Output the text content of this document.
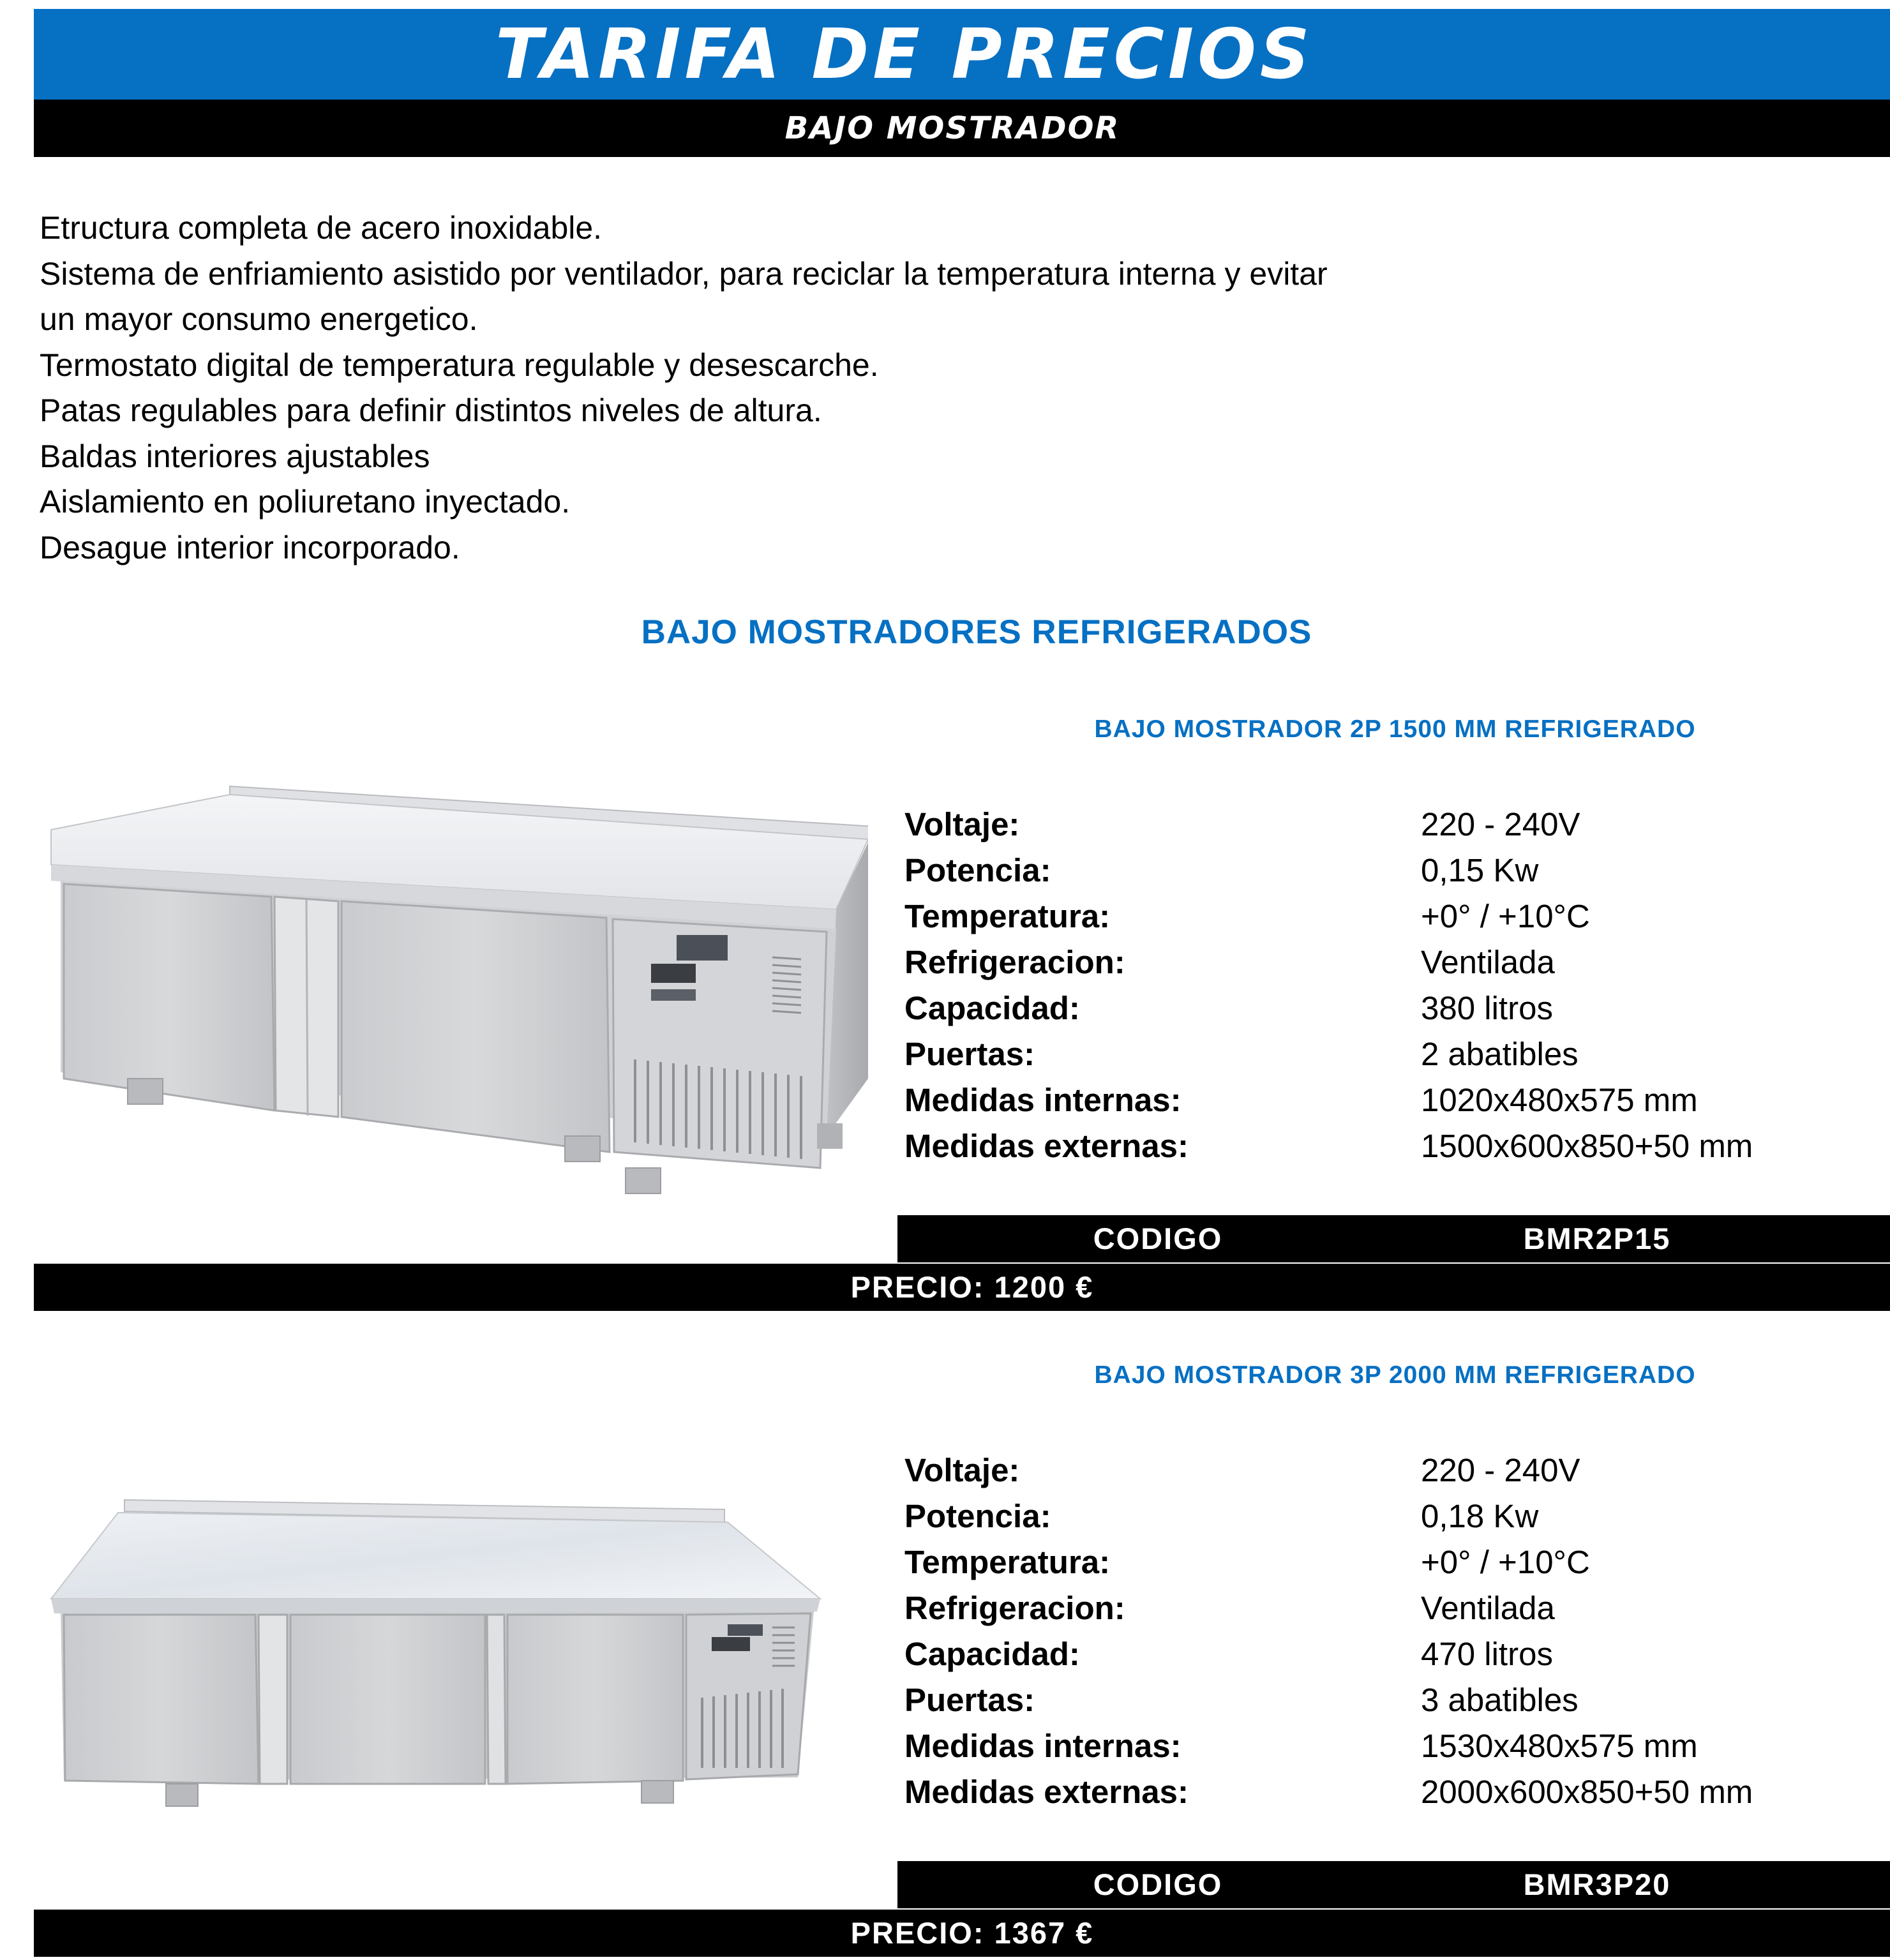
TARIFA DE PRECIOS
BAJO MOSTRADOR
Etructura completa de acero inoxidable.
Sistema de enfriamiento asistido por ventilador, para reciclar la temperatura interna y evitar
un mayor consumo energetico.
Termostato digital de temperatura regulable y desescarche.
Patas regulables para definir distintos niveles de altura.
Baldas interiores ajustables
Aislamiento en poliuretano inyectado.
Desague interior incorporado.
BAJO MOSTRADORES REFRIGERADOS
BAJO MOSTRADOR 2P 1500 MM REFRIGERADO
Voltaje:
Potencia:
Temperatura:
Refrigeracion:
Capacidad:
Puertas:
Medidas internas:
Medidas externas:
220 - 240V
0,15 Kw
+0° / +10°C
Ventilada
380 litros
2 abatibles
1020x480x575 mm
1500x600x850+50 mm
CODIGO	BMR2P15
PRECIO: 1200 €
BAJO MOSTRADOR 3P 2000 MM REFRIGERADO
Voltaje:
Potencia:
Temperatura:
Refrigeracion:
Capacidad:
Puertas:
Medidas internas:
Medidas externas:
220 - 240V
0,18 Kw
+0° / +10°C
Ventilada
470 litros
3 abatibles
1530x480x575 mm
2000x600x850+50 mm
CODIGO	BMR3P20
PRECIO: 1367 €
